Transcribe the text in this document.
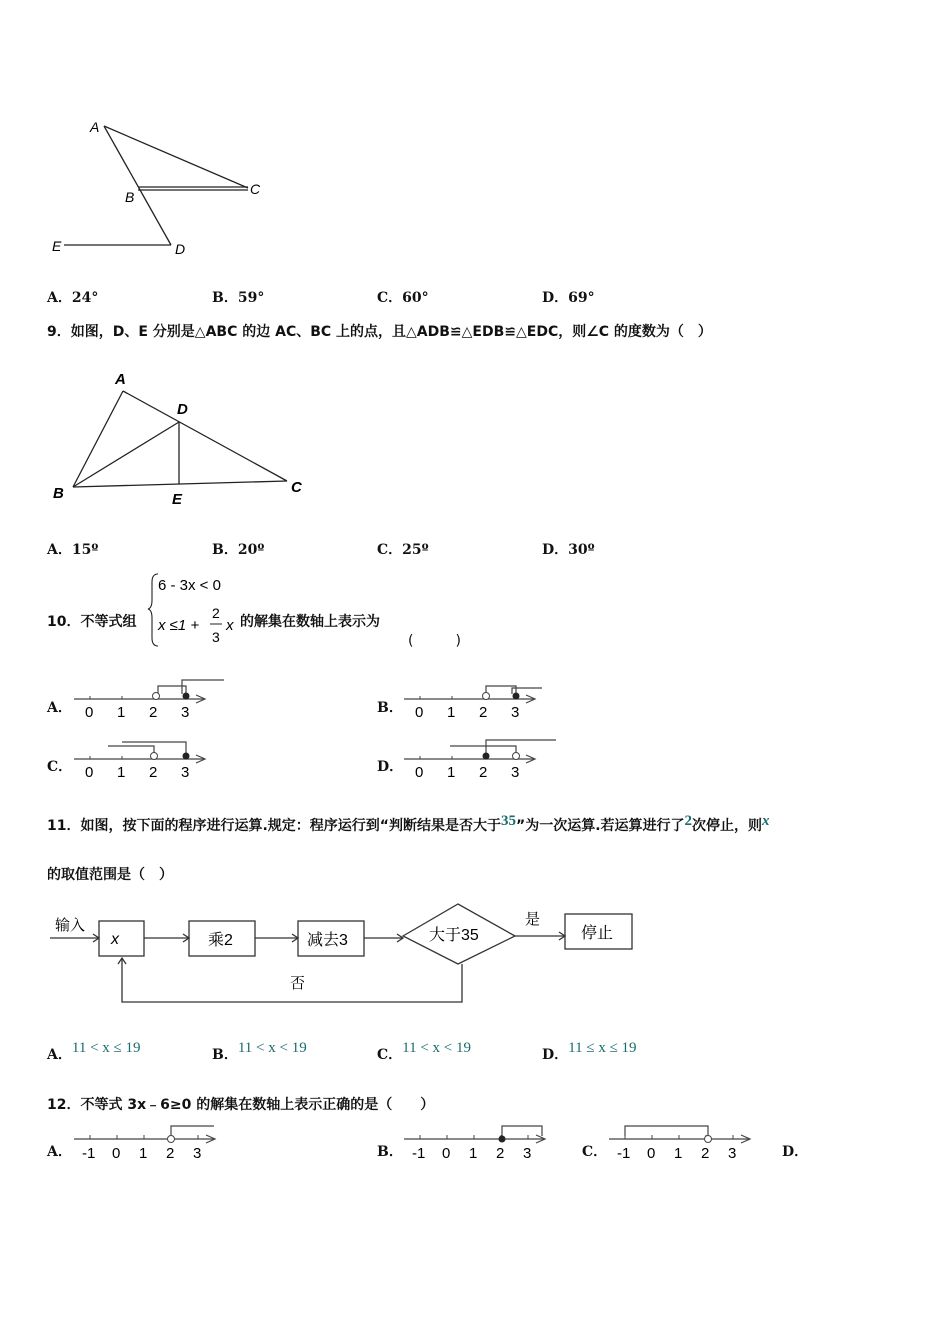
A
B	C
D
E
A．24°	B．59°	C．60°	D．69°
9．如图，D、E 分别是△ABC 的边 AC、BC 上的点，且△ADB≌△EDB≌△EDC，则∠C 的度数为（　）
A
B	C
D
E
A．15º	B．20º	C．25º	D．30º
10．不等式组
6 - 3x < 0
x ≤1 +
2
3
x 的解集在数轴上表示为
(　　　)
A． 0 1 2 3	B． 0 1 2 3
C． 0 1 2 3	D． 0 1 2 3
11．如图，按下面的程序进行运算.规定：程序运行到“判断结果是否大于35”为一次运算.若运算进行了2次停止，则x
的取值范围是（　）
输入
x	乘2	减去3	大于35
是
停止
否
A．11 < x ≤ 19	B．11 < x < 19	C．11 < x < 19	D．11 ≤ x ≤ 19
12．不等式 3x﹣6≥0 的解集在数轴上表示正确的是（　　）
A． -1 0 1 2 3	B． -1 0 1 2 3	C． -1 0 1 2 3	D．
